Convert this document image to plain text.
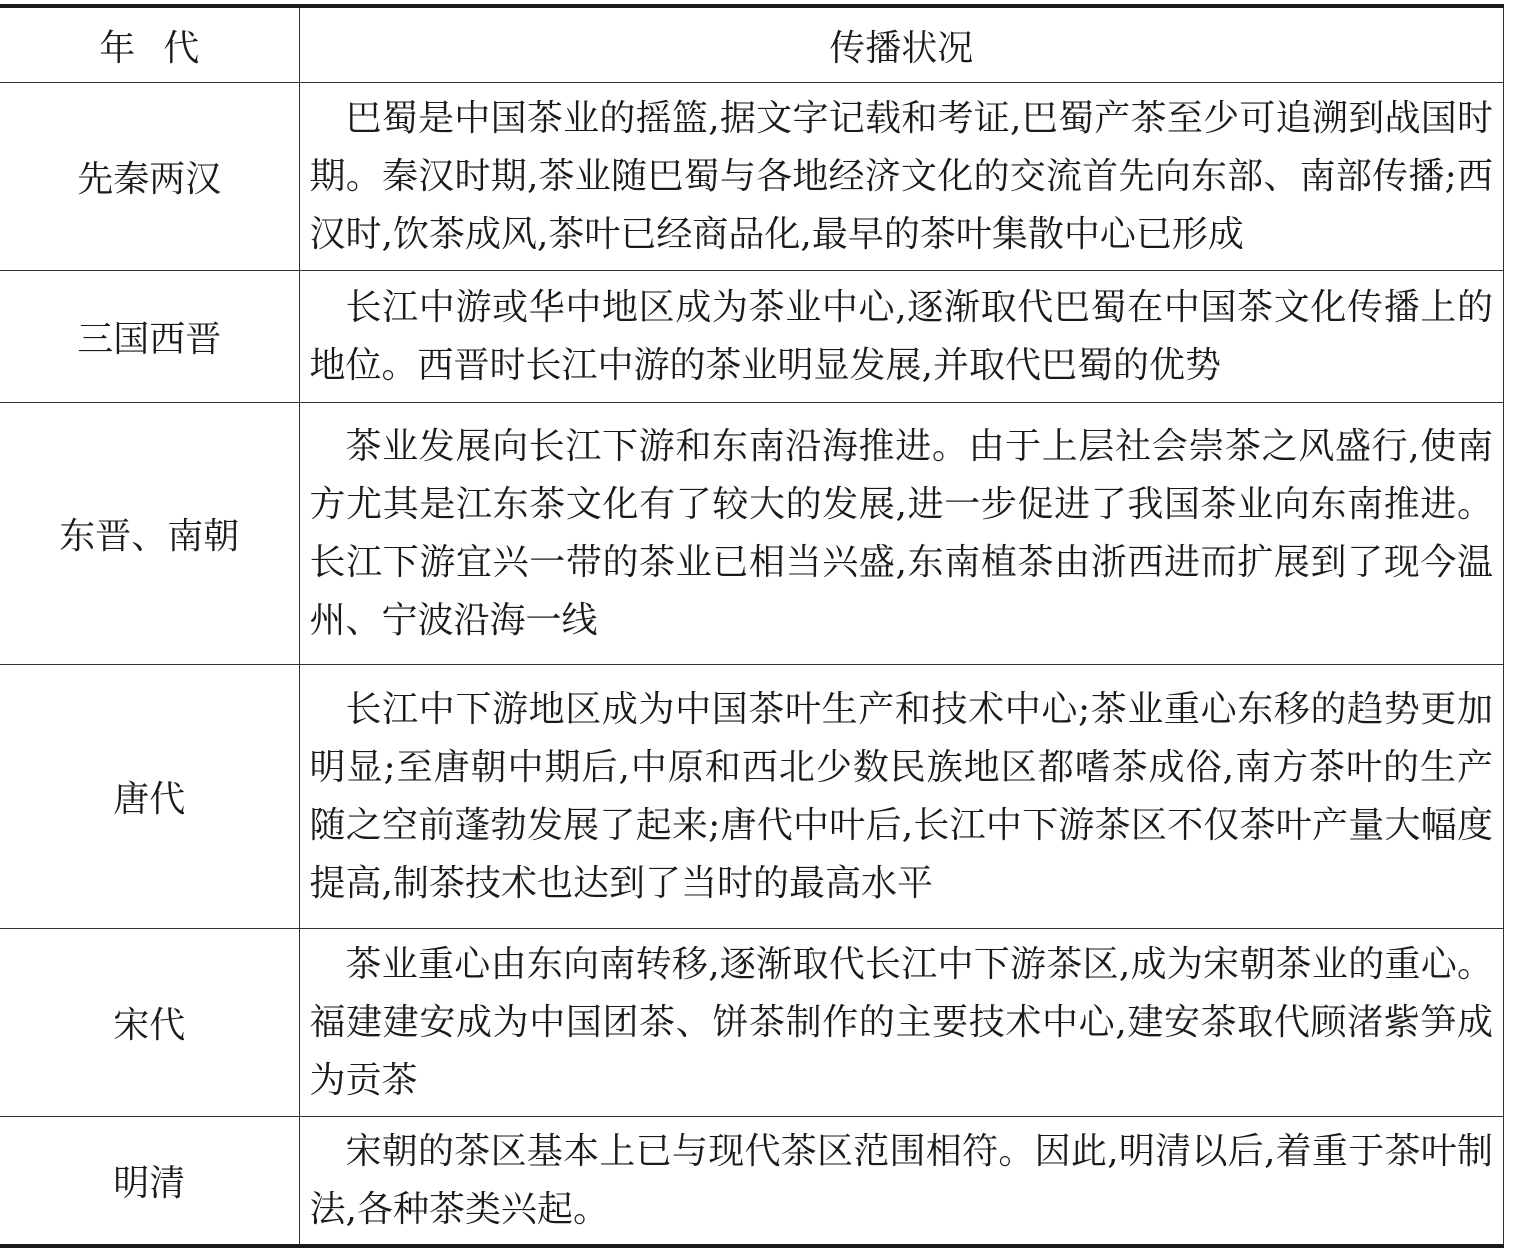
年代	传播状况
先秦两汉	巴蜀是中国茶业的摇篮,据文字记载和考证,巴蜀产茶至少可追溯到战国时期。秦汉时期,茶业随巴蜀与各地经济文化的交流首先向东部、南部传播;西汉时,饮茶成风,茶叶已经商品化,最早的茶叶集散中心已形成
三国西晋	长江中游或华中地区成为茶业中心,逐渐取代巴蜀在中国茶文化传播上的地位。西晋时长江中游的茶业明显发展,并取代巴蜀的优势
东晋、南朝	茶业发展向长江下游和东南沿海推进。由于上层社会崇茶之风盛行,使南方尤其是江东茶文化有了较大的发展,进一步促进了我国茶业向东南推进。长江下游宜兴一带的茶业已相当兴盛,东南植茶由浙西进而扩展到了现今温州、宁波沿海一线
唐代	长江中下游地区成为中国茶叶生产和技术中心;茶业重心东移的趋势更加明显;至唐朝中期后,中原和西北少数民族地区都嗜茶成俗,南方茶叶的生产随之空前蓬勃发展了起来;唐代中叶后,长江中下游茶区不仅茶叶产量大幅度提高,制茶技术也达到了当时的最高水平
宋代	茶业重心由东向南转移,逐渐取代长江中下游茶区,成为宋朝茶业的重心。福建建安成为中国团茶、饼茶制作的主要技术中心,建安茶取代顾渚紫笋成为贡茶
明清	宋朝的茶区基本上已与现代茶区范围相符。因此,明清以后,着重于茶叶制法,各种茶类兴起。
